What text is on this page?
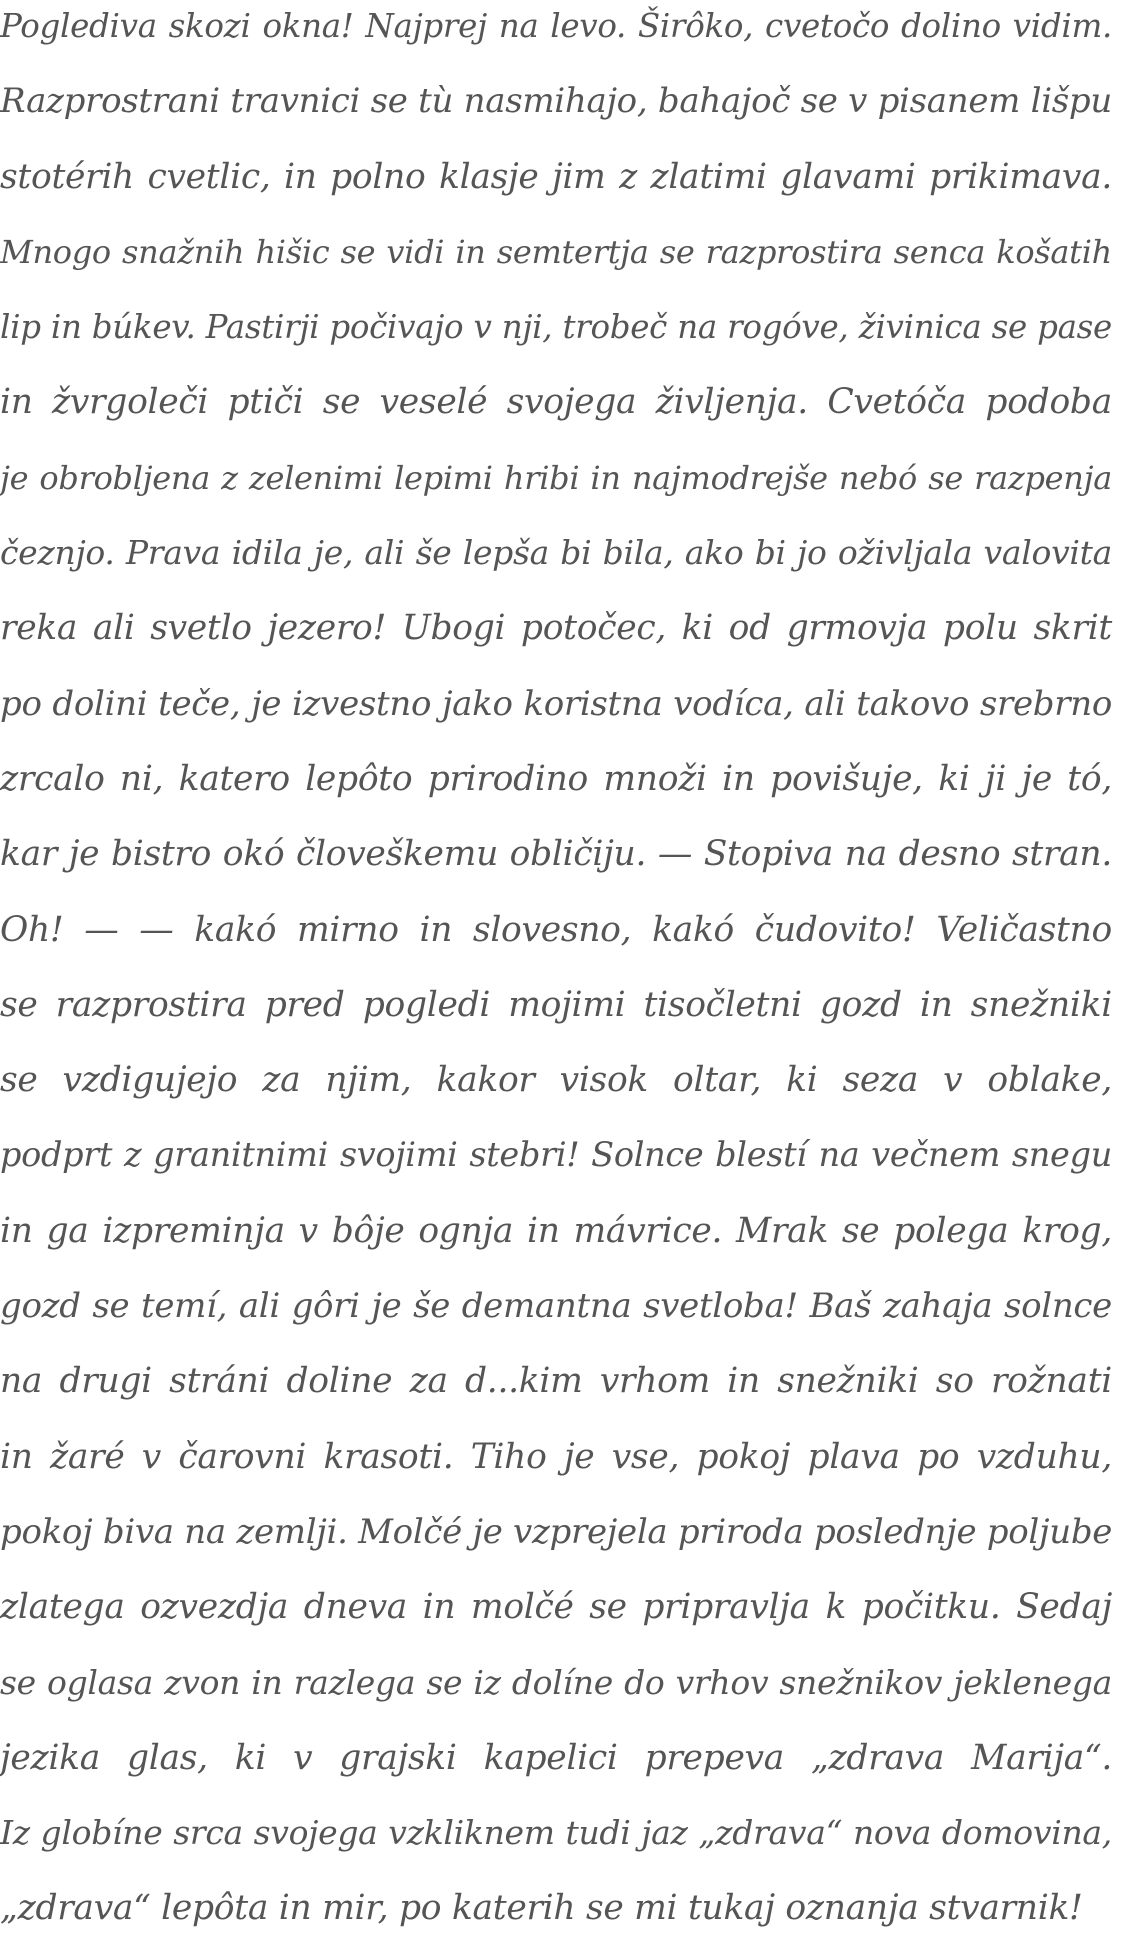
Poglediva skozi okna! Najprej na levo. Širôko, cvetočo dolino vidim.
Razprostrani travnici se tù nasmihajo, bahajoč se v pisanem lišpu
stotérih cvetlic, in polno klasje jim z zlatimi glavami prikimava.
Mnogo snažnih hišic se vidi in semtertja se razprostira senca košatih
lip in búkev. Pastirji počivajo v nji, trobeč na rogóve, živinica se pase
in žvrgoleči ptiči se veselé svojega življenja. Cvetóča podoba
je obrobljena z zelenimi lepimi hribi in najmodrejše nebó se razpenja
čeznjo. Prava idila je, ali še lepša bi bila, ako bi jo oživljala valovita
reka ali svetlo jezero! Ubogi potočec, ki od grmovja polu skrit
po dolini teče, je izvestno jako koristna vodíca, ali takovo srebrno
zrcalo ni, katero lepôto prirodino množi in povišuje, ki ji je tó,
kar je bistro okó človeškemu obličiju. — Stopiva na desno stran.
Oh! — — kakó mirno in slovesno, kakó čudovito! Veličastno
se razprostira pred pogledi mojimi tisočletni gozd in snežniki
se vzdigujejo za njim, kakor visok oltar, ki seza v oblake,
podprt z granitnimi svojimi stebri! Solnce blestí na večnem snegu
in ga izpreminja v bôje ognja in mávrice. Mrak se polega krog,
gozd se temí, ali gôri je še demantna svetloba! Baš zahaja solnce
na drugi stráni doline za d...kim vrhom in snežniki so rožnati
in žaré v čarovni krasoti. Tiho je vse, pokoj plava po vzduhu,
pokoj biva na zemlji. Molčé je vzprejela priroda poslednje poljube
zlatega ozvezdja dneva in molčé se pripravlja k počitku. Sedaj
se oglasa zvon in razlega se iz dolíne do vrhov snežnikov jeklenega
jezika glas, ki v grajski kapelici prepeva „zdrava Marija“.
Iz globíne srca svojega vzkliknem tudi jaz „zdrava“ nova domovina,
„zdrava“ lepôta in mir, po katerih se mi tukaj oznanja stvarnik!
